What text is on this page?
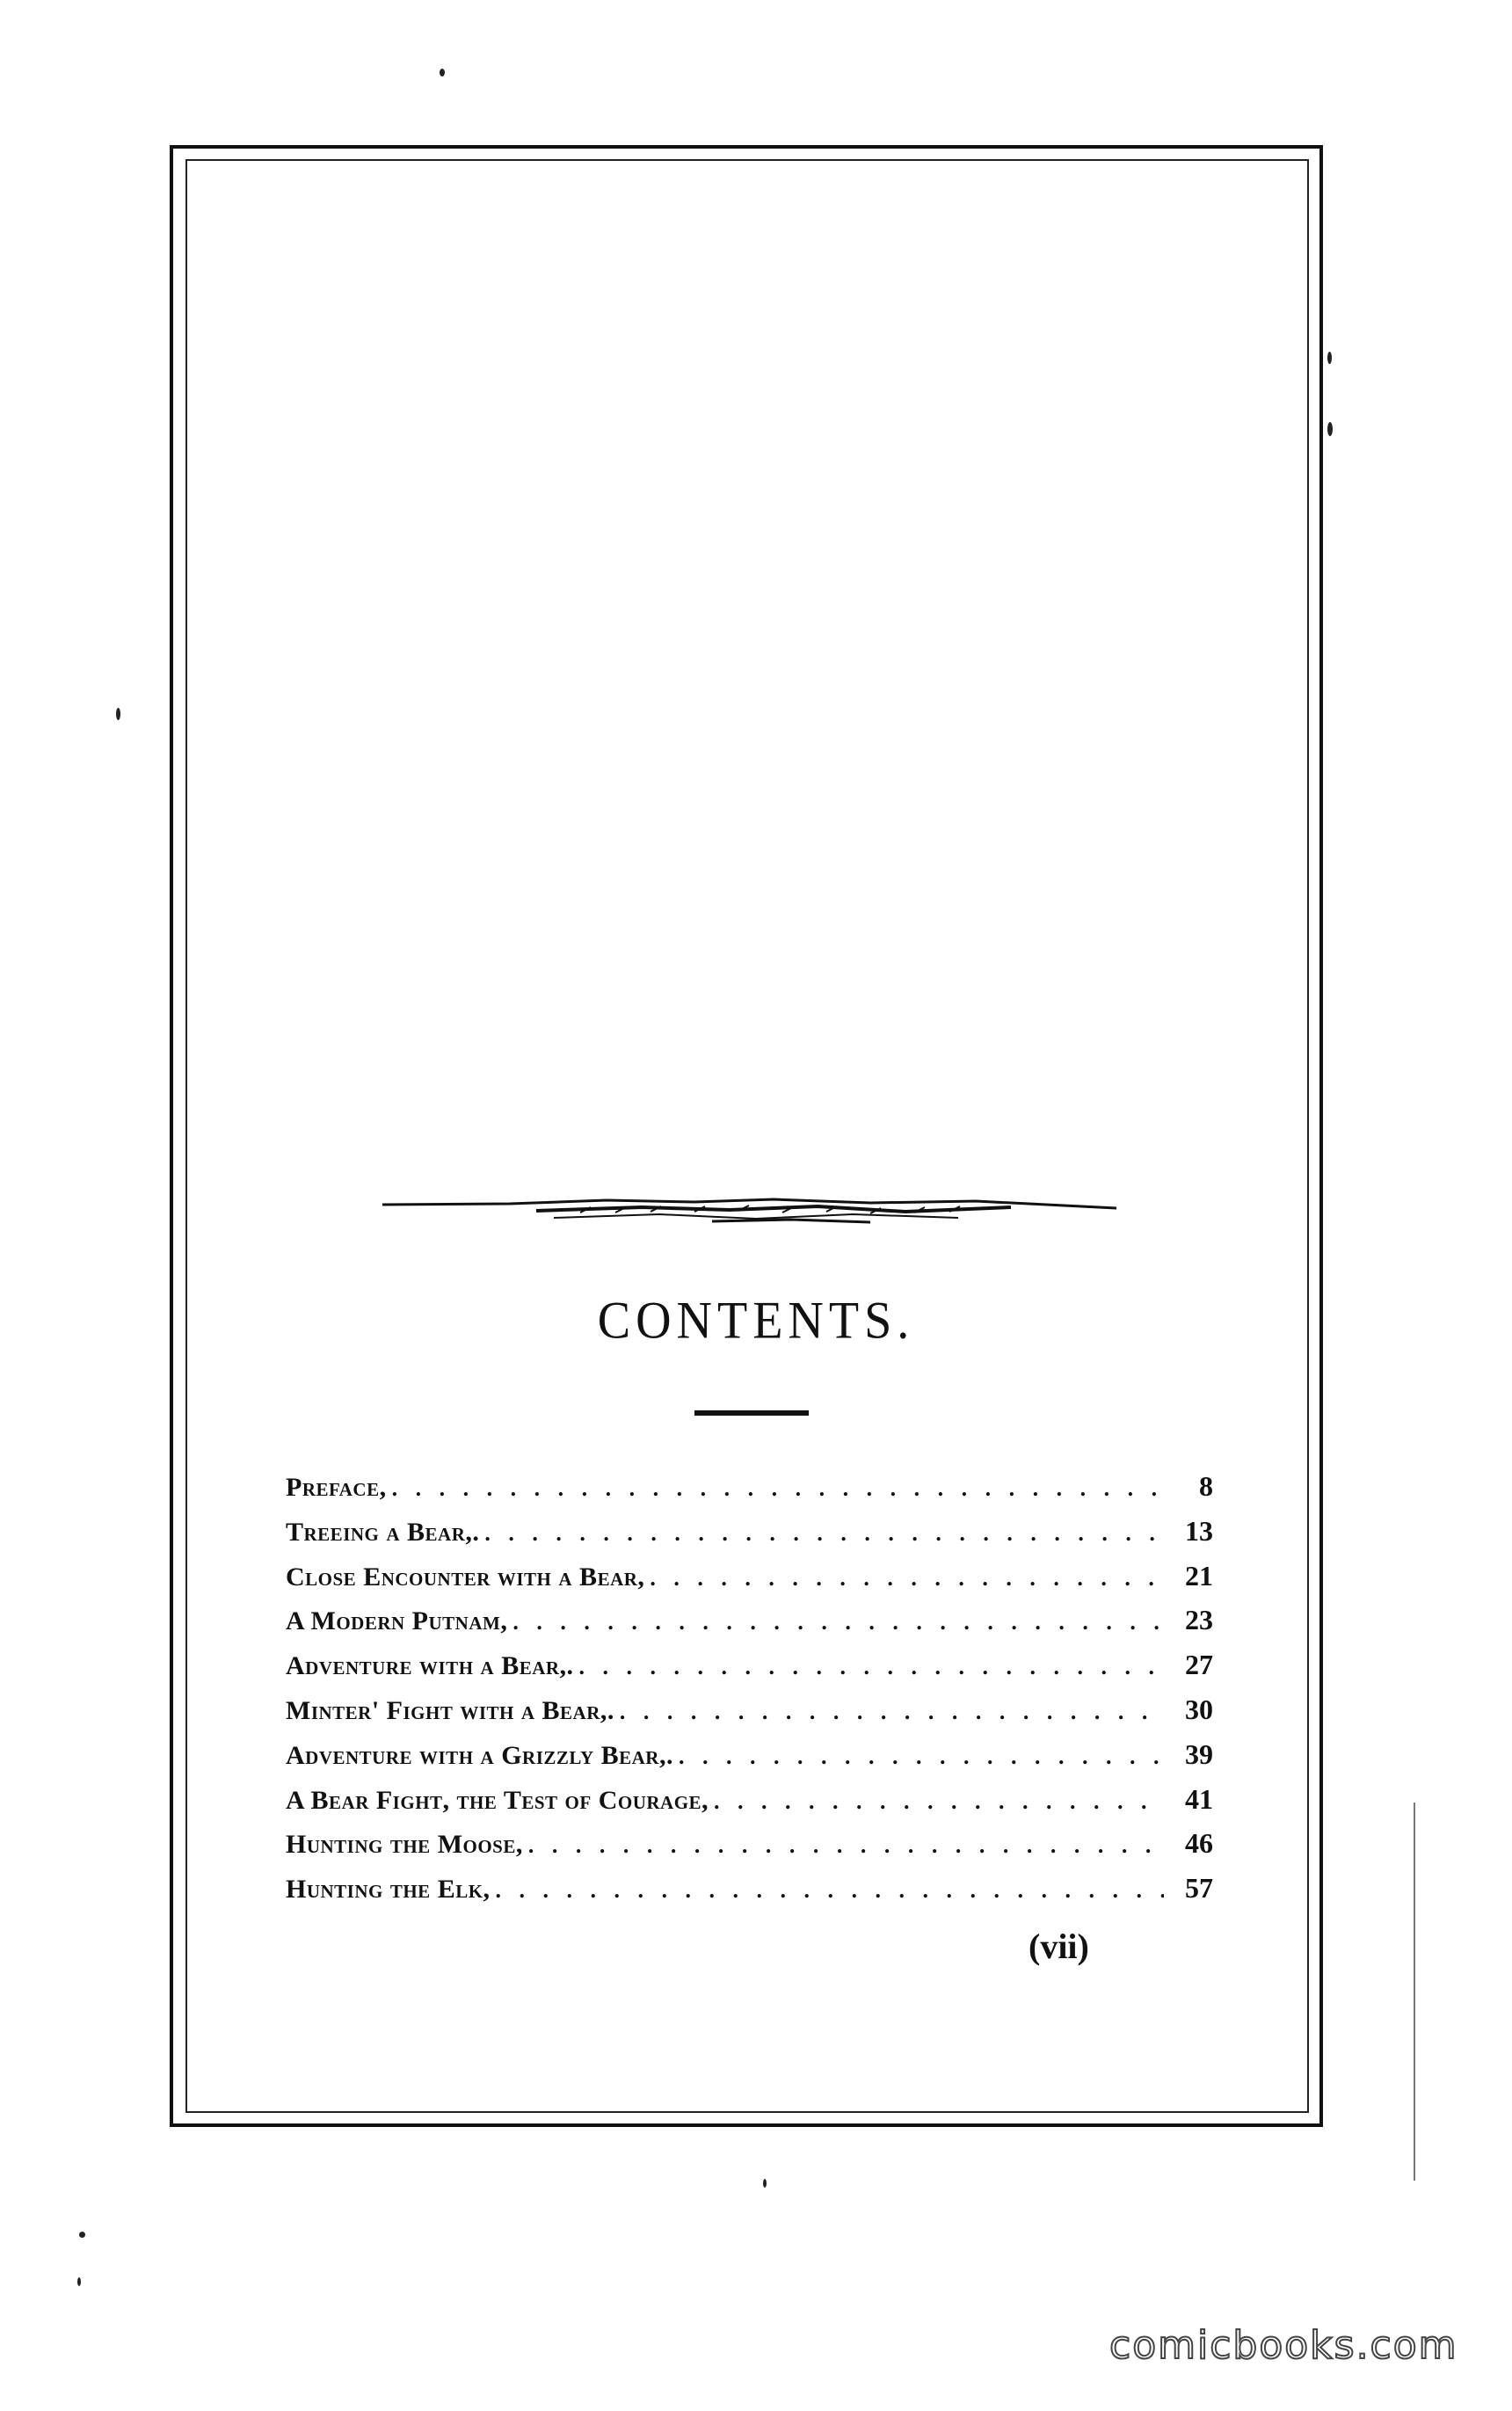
CONTENTS.
Preface, . . .	8
Treeing a Bear,. . . .	13
Close Encounter with a Bear, . . .	21
A Modern Putnam, . . .	23
Adventure with a Bear,. . . .	27
Minter' Fight with a Bear,. . . .	30
Adventure with a Grizzly Bear,. . . .	39
A Bear Fight, the Test of Courage, . . .	41
Hunting the Moose, . . .	46
Hunting the Elk, . . .	57
(vii)
comicbooks.com
